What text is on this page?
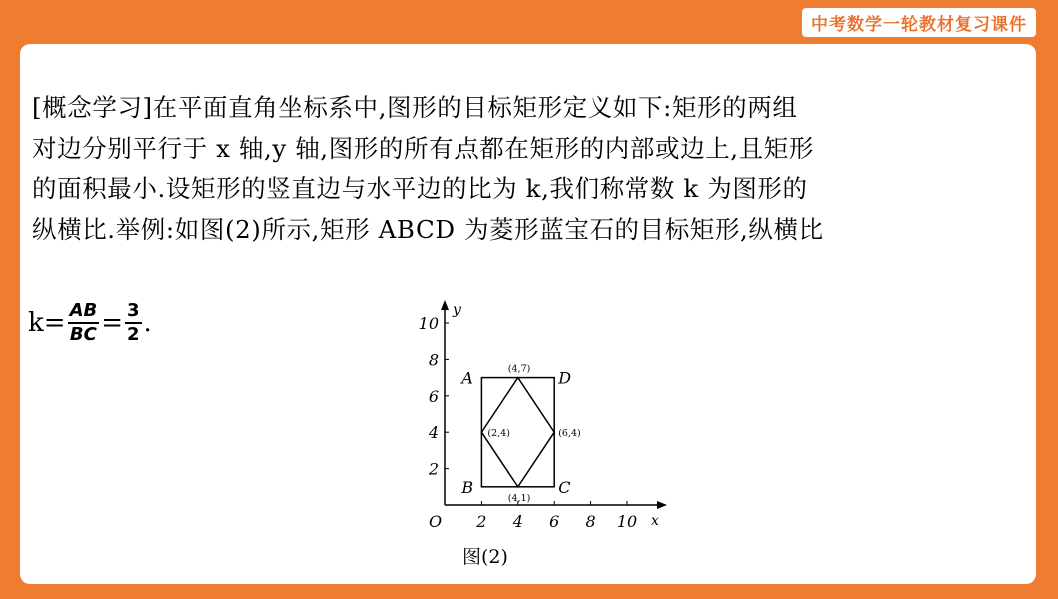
中考数学一轮教材复习课件
[概念学习]在平面直角坐标系中,图形的目标矩形定义如下:矩形的两组
对边分别平行于 x 轴,y 轴,图形的所有点都在矩形的内部或边上,且矩形
的面积最小.设矩形的竖直边与水平边的比为 k,我们称常数 k 为图形的
纵横比.举例:如图(2)所示,矩形 ABCD 为菱形蓝宝石的目标矩形,纵横比
$k = \frac{AB}{BC} = \frac{3}{2}$ .
2 4 6 8 10
2
4
6
8
10
O	x
y
A	D
B	C
(4,7)
(6,4)
(4,1)
(2,4)
图(2)
